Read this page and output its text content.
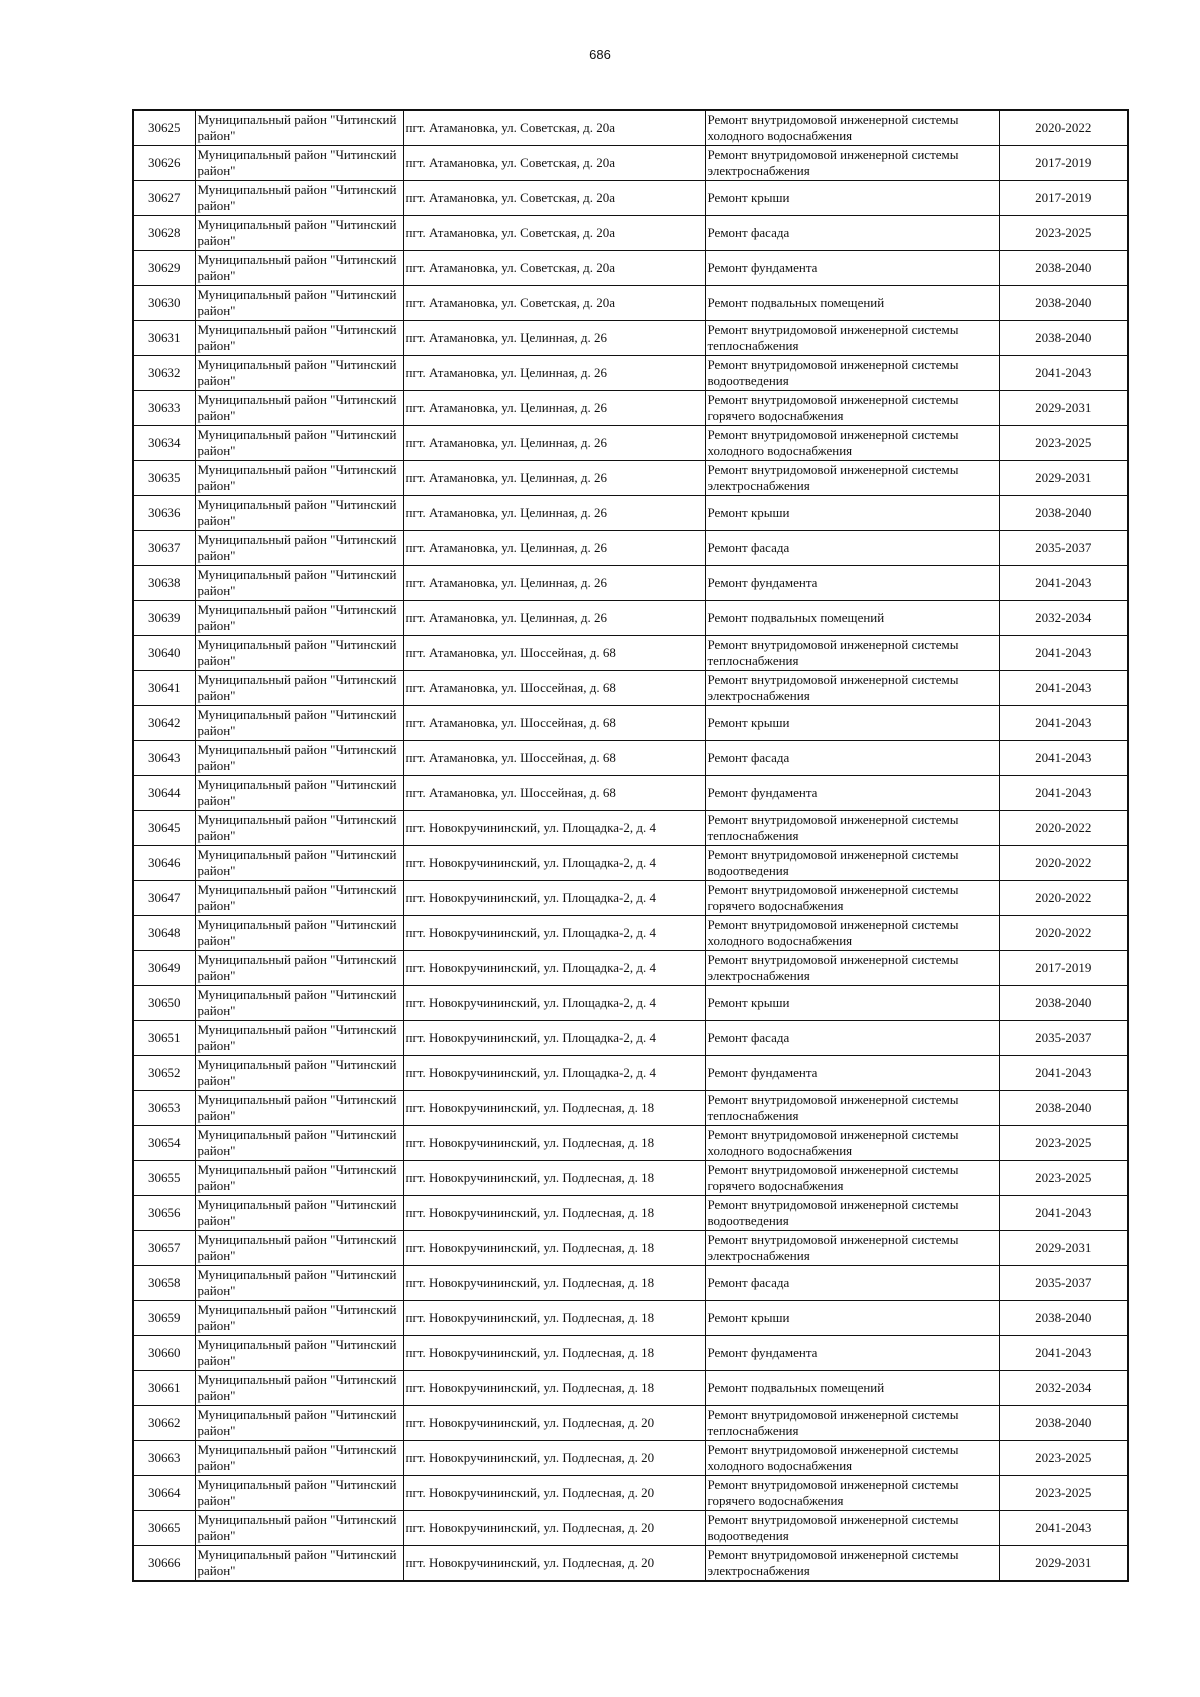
686
30625	Муниципальный район "Читинский район"	пгт. Атамановка, ул. Советская, д. 20а	Ремонт внутридомовой инженерной системы холодного водоснабжения	2020-2022
30626	Муниципальный район "Читинский район"	пгт. Атамановка, ул. Советская, д. 20а	Ремонт внутридомовой инженерной системы электроснабжения	2017-2019
30627	Муниципальный район "Читинский район"	пгт. Атамановка, ул. Советская, д. 20а	Ремонт крыши	2017-2019
30628	Муниципальный район "Читинский район"	пгт. Атамановка, ул. Советская, д. 20а	Ремонт фасада	2023-2025
30629	Муниципальный район "Читинский район"	пгт. Атамановка, ул. Советская, д. 20а	Ремонт фундамента	2038-2040
30630	Муниципальный район "Читинский район"	пгт. Атамановка, ул. Советская, д. 20а	Ремонт подвальных помещений	2038-2040
30631	Муниципальный район "Читинский район"	пгт. Атамановка, ул. Целинная, д. 26	Ремонт внутридомовой инженерной системы теплоснабжения	2038-2040
30632	Муниципальный район "Читинский район"	пгт. Атамановка, ул. Целинная, д. 26	Ремонт внутридомовой инженерной системы водоотведения	2041-2043
30633	Муниципальный район "Читинский район"	пгт. Атамановка, ул. Целинная, д. 26	Ремонт внутридомовой инженерной системы горячего водоснабжения	2029-2031
30634	Муниципальный район "Читинский район"	пгт. Атамановка, ул. Целинная, д. 26	Ремонт внутридомовой инженерной системы холодного водоснабжения	2023-2025
30635	Муниципальный район "Читинский район"	пгт. Атамановка, ул. Целинная, д. 26	Ремонт внутридомовой инженерной системы электроснабжения	2029-2031
30636	Муниципальный район "Читинский район"	пгт. Атамановка, ул. Целинная, д. 26	Ремонт крыши	2038-2040
30637	Муниципальный район "Читинский район"	пгт. Атамановка, ул. Целинная, д. 26	Ремонт фасада	2035-2037
30638	Муниципальный район "Читинский район"	пгт. Атамановка, ул. Целинная, д. 26	Ремонт фундамента	2041-2043
30639	Муниципальный район "Читинский район"	пгт. Атамановка, ул. Целинная, д. 26	Ремонт подвальных помещений	2032-2034
30640	Муниципальный район "Читинский район"	пгт. Атамановка, ул. Шоссейная, д. 68	Ремонт внутридомовой инженерной системы теплоснабжения	2041-2043
30641	Муниципальный район "Читинский район"	пгт. Атамановка, ул. Шоссейная, д. 68	Ремонт внутридомовой инженерной системы электроснабжения	2041-2043
30642	Муниципальный район "Читинский район"	пгт. Атамановка, ул. Шоссейная, д. 68	Ремонт крыши	2041-2043
30643	Муниципальный район "Читинский район"	пгт. Атамановка, ул. Шоссейная, д. 68	Ремонт фасада	2041-2043
30644	Муниципальный район "Читинский район"	пгт. Атамановка, ул. Шоссейная, д. 68	Ремонт фундамента	2041-2043
30645	Муниципальный район "Читинский район"	пгт. Новокручининский, ул. Площадка-2, д. 4	Ремонт внутридомовой инженерной системы теплоснабжения	2020-2022
30646	Муниципальный район "Читинский район"	пгт. Новокручининский, ул. Площадка-2, д. 4	Ремонт внутридомовой инженерной системы водоотведения	2020-2022
30647	Муниципальный район "Читинский район"	пгт. Новокручининский, ул. Площадка-2, д. 4	Ремонт внутридомовой инженерной системы горячего водоснабжения	2020-2022
30648	Муниципальный район "Читинский район"	пгт. Новокручининский, ул. Площадка-2, д. 4	Ремонт внутридомовой инженерной системы холодного водоснабжения	2020-2022
30649	Муниципальный район "Читинский район"	пгт. Новокручининский, ул. Площадка-2, д. 4	Ремонт внутридомовой инженерной системы электроснабжения	2017-2019
30650	Муниципальный район "Читинский район"	пгт. Новокручининский, ул. Площадка-2, д. 4	Ремонт крыши	2038-2040
30651	Муниципальный район "Читинский район"	пгт. Новокручининский, ул. Площадка-2, д. 4	Ремонт фасада	2035-2037
30652	Муниципальный район "Читинский район"	пгт. Новокручининский, ул. Площадка-2, д. 4	Ремонт фундамента	2041-2043
30653	Муниципальный район "Читинский район"	пгт. Новокручининский, ул. Подлесная, д. 18	Ремонт внутридомовой инженерной системы теплоснабжения	2038-2040
30654	Муниципальный район "Читинский район"	пгт. Новокручининский, ул. Подлесная, д. 18	Ремонт внутридомовой инженерной системы холодного водоснабжения	2023-2025
30655	Муниципальный район "Читинский район"	пгт. Новокручининский, ул. Подлесная, д. 18	Ремонт внутридомовой инженерной системы горячего водоснабжения	2023-2025
30656	Муниципальный район "Читинский район"	пгт. Новокручининский, ул. Подлесная, д. 18	Ремонт внутридомовой инженерной системы водоотведения	2041-2043
30657	Муниципальный район "Читинский район"	пгт. Новокручининский, ул. Подлесная, д. 18	Ремонт внутридомовой инженерной системы электроснабжения	2029-2031
30658	Муниципальный район "Читинский район"	пгт. Новокручининский, ул. Подлесная, д. 18	Ремонт фасада	2035-2037
30659	Муниципальный район "Читинский район"	пгт. Новокручининский, ул. Подлесная, д. 18	Ремонт крыши	2038-2040
30660	Муниципальный район "Читинский район"	пгт. Новокручининский, ул. Подлесная, д. 18	Ремонт фундамента	2041-2043
30661	Муниципальный район "Читинский район"	пгт. Новокручининский, ул. Подлесная, д. 18	Ремонт подвальных помещений	2032-2034
30662	Муниципальный район "Читинский район"	пгт. Новокручининский, ул. Подлесная, д. 20	Ремонт внутридомовой инженерной системы теплоснабжения	2038-2040
30663	Муниципальный район "Читинский район"	пгт. Новокручининский, ул. Подлесная, д. 20	Ремонт внутридомовой инженерной системы холодного водоснабжения	2023-2025
30664	Муниципальный район "Читинский район"	пгт. Новокручининский, ул. Подлесная, д. 20	Ремонт внутридомовой инженерной системы горячего водоснабжения	2023-2025
30665	Муниципальный район "Читинский район"	пгт. Новокручининский, ул. Подлесная, д. 20	Ремонт внутридомовой инженерной системы водоотведения	2041-2043
30666	Муниципальный район "Читинский район"	пгт. Новокручининский, ул. Подлесная, д. 20	Ремонт внутридомовой инженерной системы электроснабжения	2029-2031
